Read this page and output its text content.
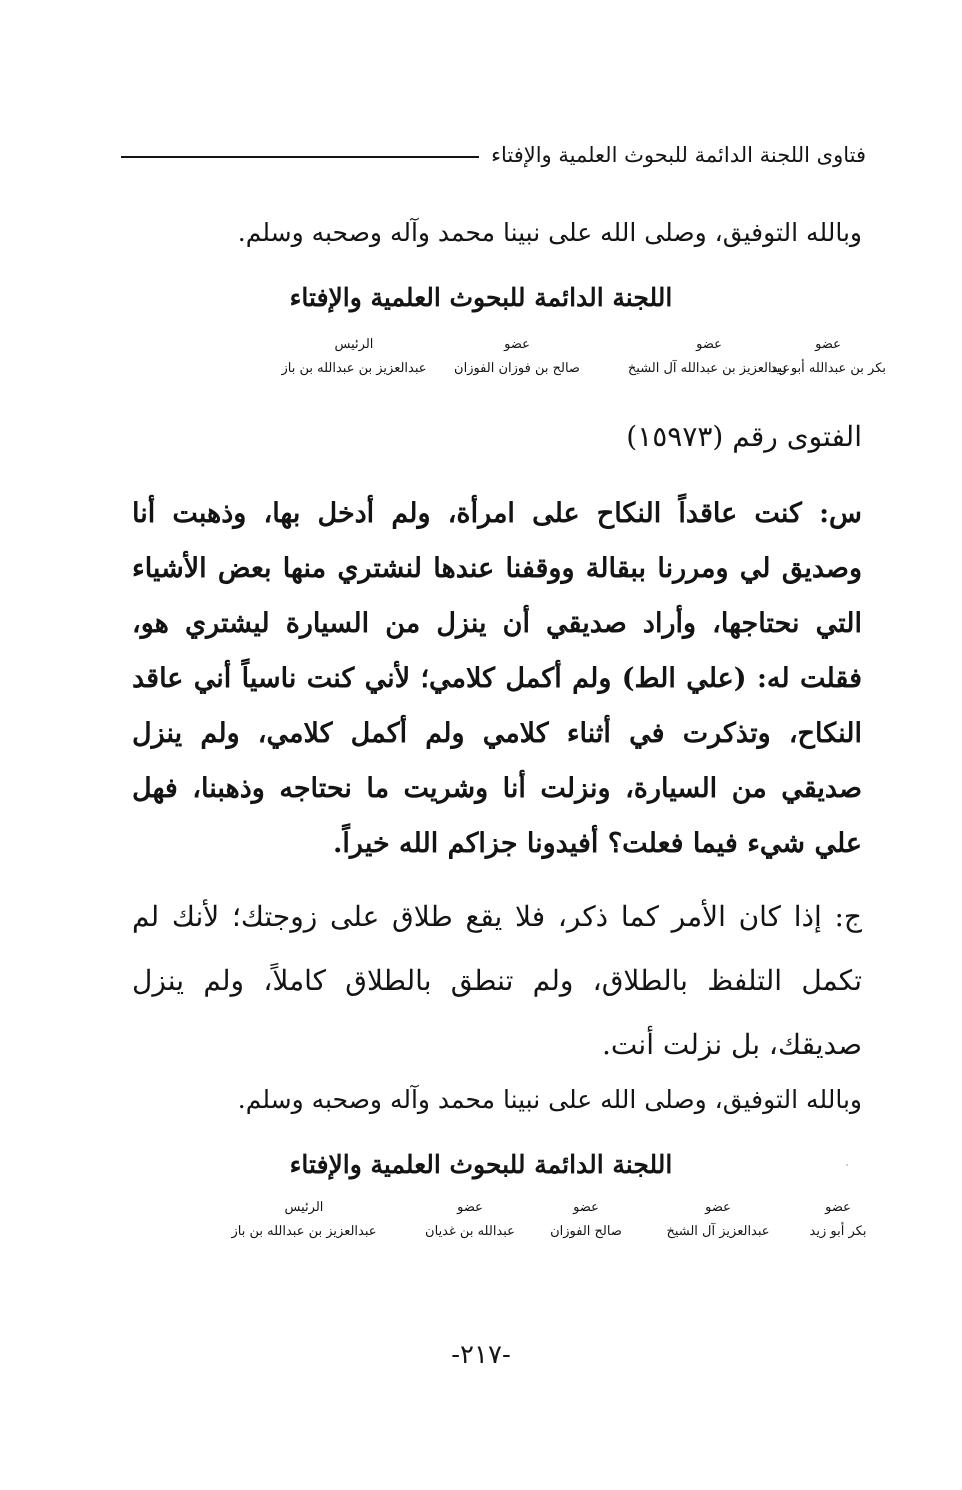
فتاوى اللجنة الدائمة للبحوث العلمية والإفتاء
وبالله التوفيق، وصلى الله على نبينا محمد وآله وصحبه وسلم.
اللجنة الدائمة للبحوث العلمية والإفتاء
عضو
بكر بن عبدالله أبو زيد
عضو
عبدالعزيز بن عبدالله آل الشيخ
عضو
صالح بن فوزان الفوزان
الرئيس
عبدالعزيز بن عبدالله بن باز
الفتوى رقم (١٥٩٧٣)
س: كنت عاقداً النكاح على امرأة، ولم أدخل بها، وذهبت أنا وصديق لي ومررنا ببقالة ووقفنا عندها لنشتري منها بعض الأشياء التي نحتاجها، وأراد صديقي أن ينزل من السيارة ليشتري هو، فقلت له: (علي الط) ولم أكمل كلامي؛ لأني كنت ناسياً أني عاقد النكاح، وتذكرت في أثناء كلامي ولم أكمل كلامي، ولم ينزل صديقي من السيارة، ونزلت أنا وشريت ما نحتاجه وذهبنا، فهل علي شيء فيما فعلت؟ أفيدونا جزاكم الله خيراً.
ج: إذا كان الأمر كما ذكر، فلا يقع طلاق على زوجتك؛ لأنك لم تكمل التلفظ بالطلاق، ولم تنطق بالطلاق كاملاً، ولم ينزل صديقك، بل نزلت أنت.
وبالله التوفيق، وصلى الله على نبينا محمد وآله وصحبه وسلم.
اللجنة الدائمة للبحوث العلمية والإفتاء
عضو
بكر أبو زيد
عضو
عبدالعزيز آل الشيخ
عضو
صالح الفوزان
عضو
عبدالله بن غديان
الرئيس
عبدالعزيز بن عبدالله بن باز
-٢١٧-
